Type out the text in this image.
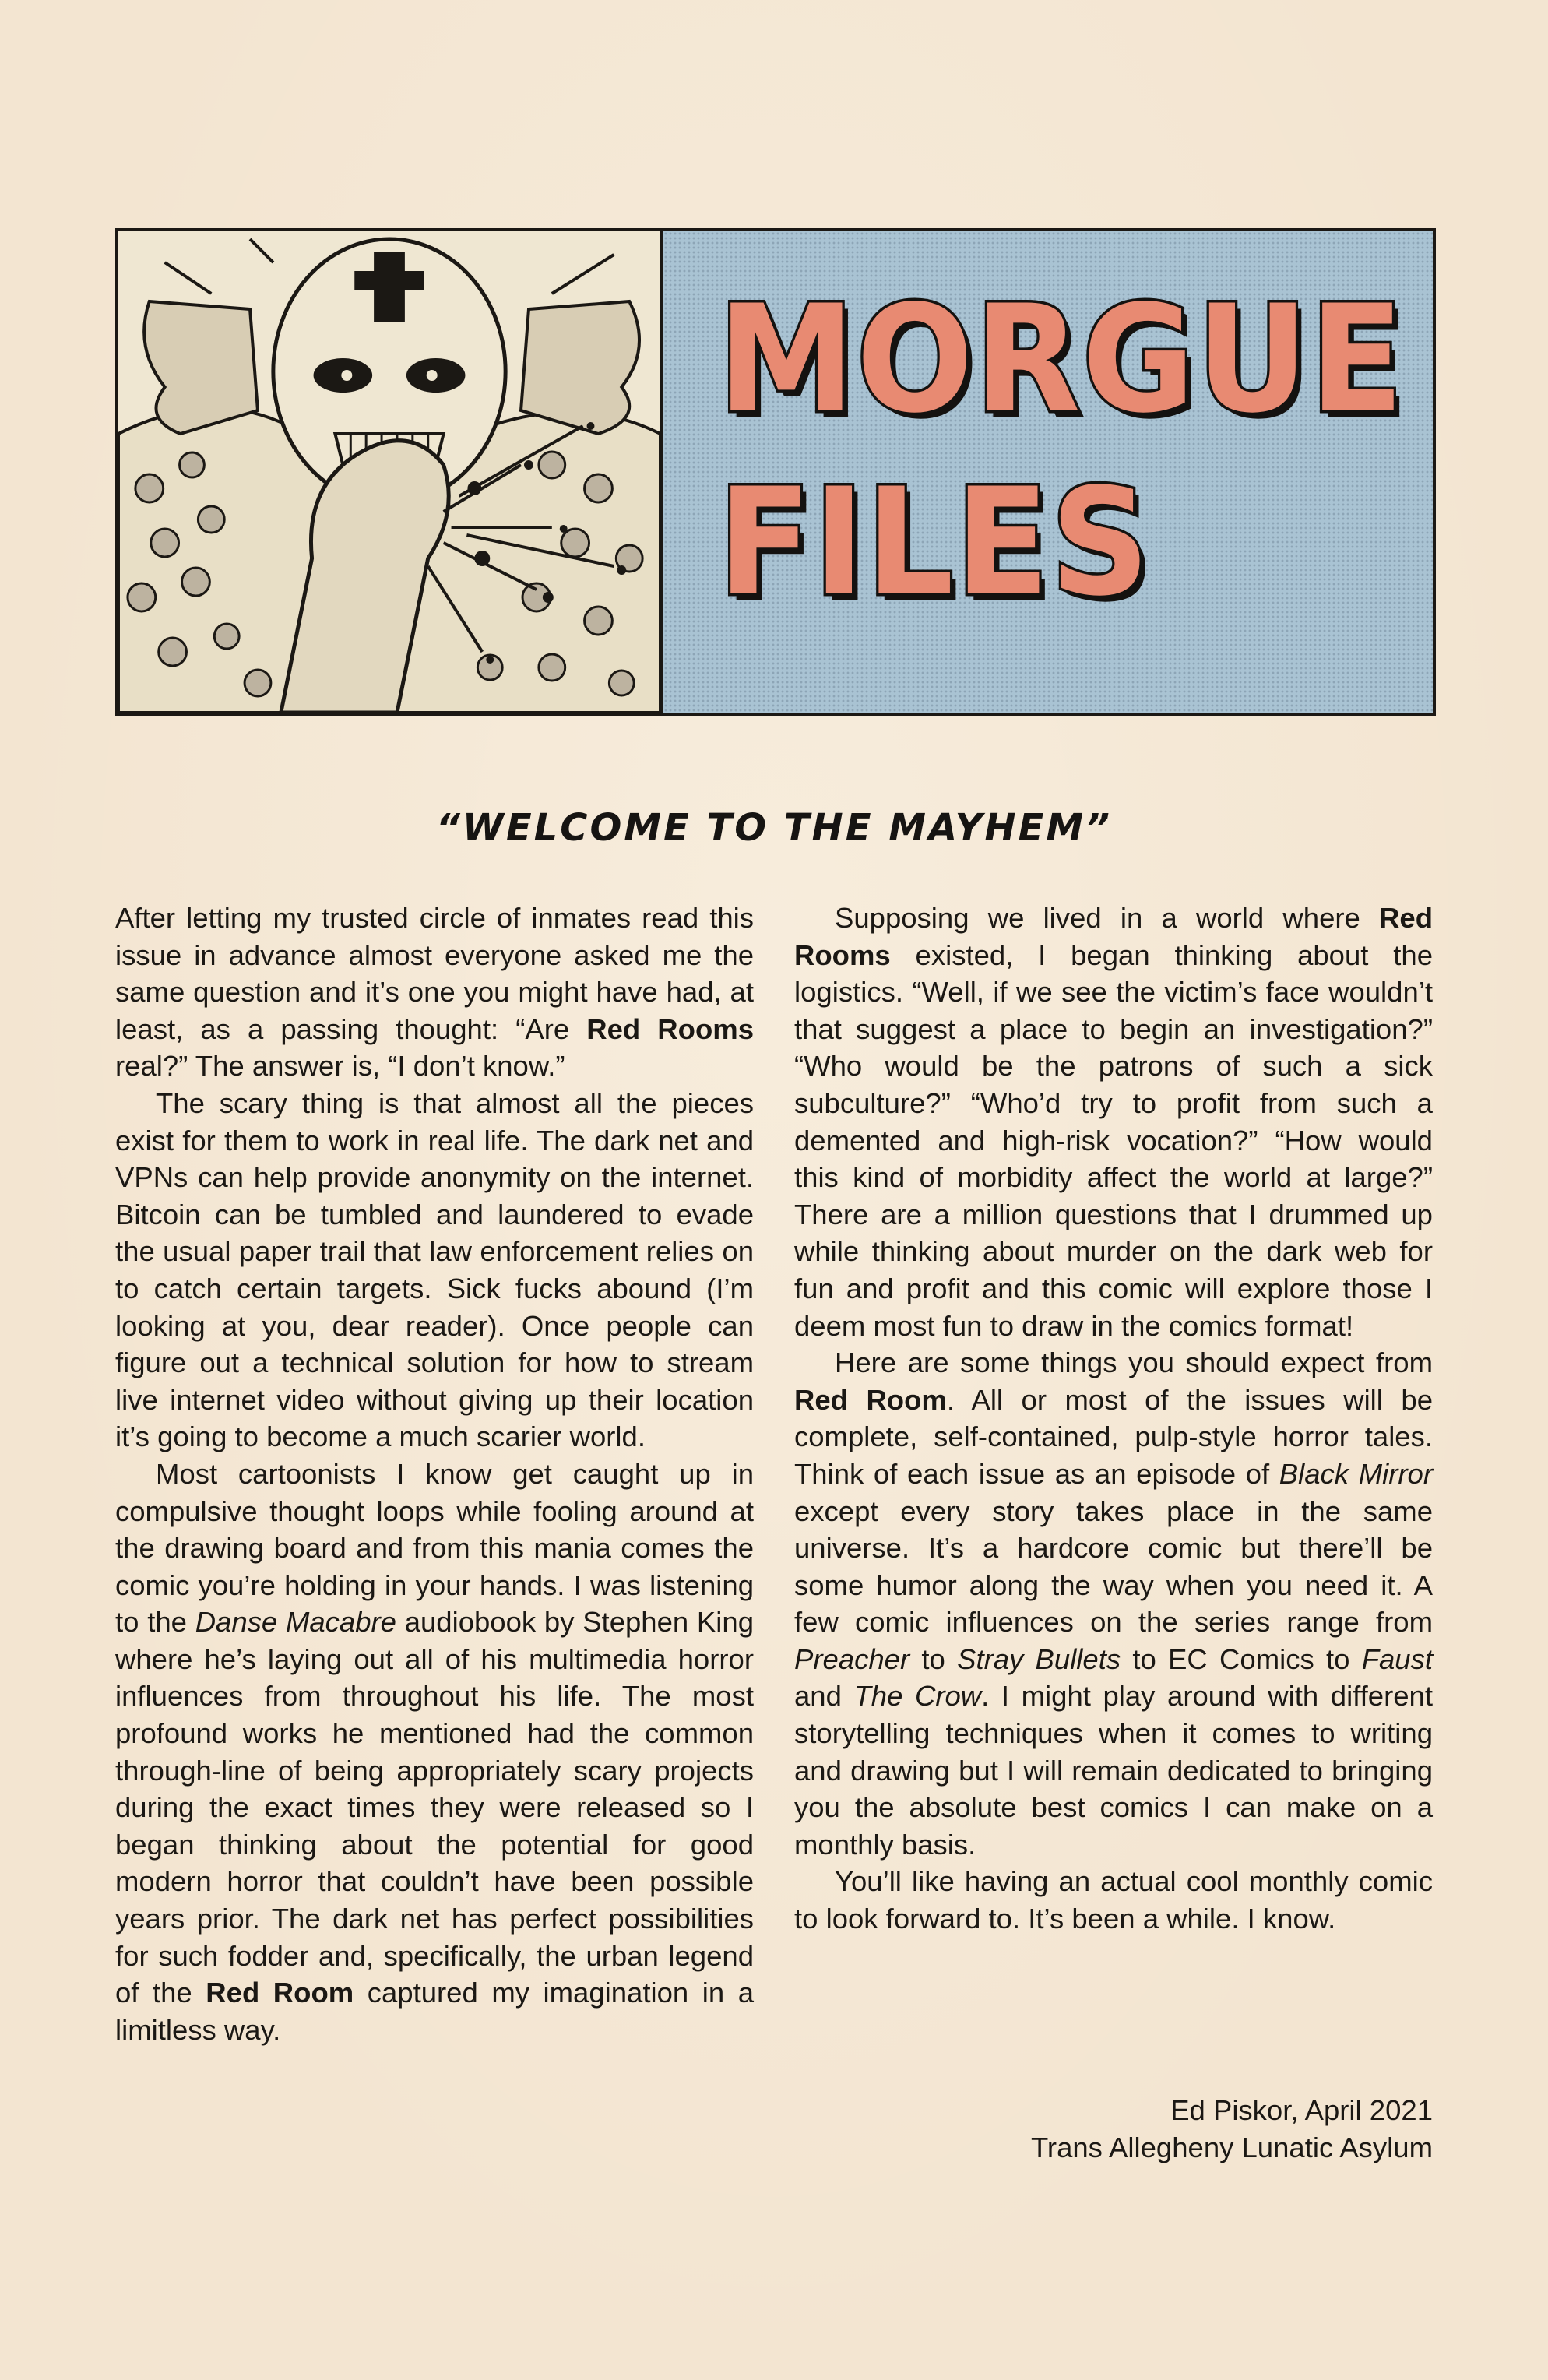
MORGUE
FILES
“WELCOME TO THE MAYHEM”

After letting my trusted circle of inmates read this issue in advance almost everyone asked me the same question and it’s one you might have had, at least, as a passing thought: “Are Red Rooms real?” The answer is, “I don’t know.”

The scary thing is that almost all the pieces exist for them to work in real life. The dark net and VPNs can help provide anonymity on the internet. Bitcoin can be tumbled and laundered to evade the usual paper trail that law enforcement relies on to catch certain targets. Sick fucks abound (I’m looking at you, dear reader). Once people can figure out a technical solution for how to stream live internet video without giving up their location it’s going to become a much scarier world.

Most cartoonists I know get caught up in compulsive thought loops while fooling around at the drawing board and from this mania comes the comic you’re holding in your hands. I was listening to the Danse Macabre audiobook by Stephen King where he’s laying out all of his multimedia horror influences from throughout his life. The most profound works he mentioned had the common through-line of being appropriately scary projects during the exact times they were released so I began thinking about the potential for good modern horror that couldn’t have been possible years prior. The dark net has perfect possibilities for such fodder and, specifically, the urban legend of the Red Room captured my imagination in a limitless way.

Supposing we lived in a world where Red Rooms existed, I began thinking about the logistics. “Well, if we see the victim’s face wouldn’t that suggest a place to begin an investigation?” “Who would be the patrons of such a sick subculture?” “Who’d try to profit from such a demented and high-risk vocation?” “How would this kind of morbidity affect the world at large?” There are a million questions that I drummed up while thinking about murder on the dark web for fun and profit and this comic will explore those I deem most fun to draw in the comics format!

Here are some things you should expect from Red Room. All or most of the issues will be complete, self-contained, pulp-style horror tales. Think of each issue as an episode of Black Mirror except every story takes place in the same universe. It’s a hardcore comic but there’ll be some humor along the way when you need it. A few comic influences on the series range from Preacher to Stray Bullets to EC Comics to Faust and The Crow. I might play around with different storytelling techniques when it comes to writing and drawing but I will remain dedicated to bringing you the absolute best comics I can make on a monthly basis.

You’ll like having an actual cool monthly comic to look forward to. It’s been a while. I know.

Ed Piskor, April 2021
Trans Allegheny Lunatic Asylum
